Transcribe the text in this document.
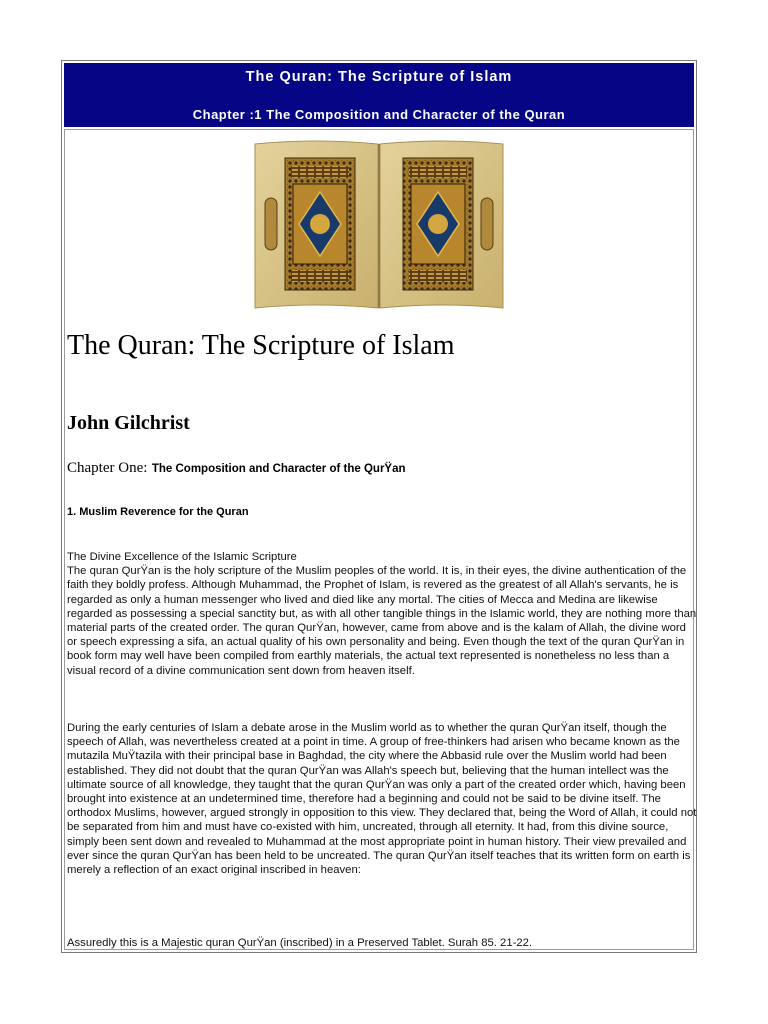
The Quran: The Scripture of Islam
Chapter :1 The Composition and Character of the Quran
The Quran: The Scripture of Islam
John Gilchrist
Chapter One: The Composition and Character of the QurŸan
1. Muslim Reverence for the Quran
The Divine Excellence of the Islamic Scripture
The quran QurŸan is the holy scripture of the Muslim peoples of the world. It is, in their eyes, the divine authentication of the faith they boldly profess. Although Muhammad, the Prophet of Islam, is revered as the greatest of all Allah's servants, he is regarded as only a human messenger who lived and died like any mortal. The cities of Mecca and Medina are likewise regarded as possessing a special sanctity but, as with all other tangible things in the Islamic world, they are nothing more than material parts of the created order. The quran QurŸan, however, came from above and is the kalam of Allah, the divine word or speech expressing a sifa, an actual quality of his own personality and being. Even though the text of the quran QurŸan in book form may well have been compiled from earthly materials, the actual text represented is nonetheless no less than a visual record of a divine communication sent down from heaven itself.
During the early centuries of Islam a debate arose in the Muslim world as to whether the quran QurŸan itself, though the speech of Allah, was nevertheless created at a point in time. A group of free-thinkers had arisen who became known as the mutazila MuŸtazila with their principal base in Baghdad, the city where the Abbasid rule over the Muslim world had been established. They did not doubt that the quran QurŸan was Allah's speech but, believing that the human intellect was the ultimate source of all knowledge, they taught that the quran QurŸan was only a part of the created order which, having been brought into existence at an undetermined time, therefore had a beginning and could not be said to be divine itself. The orthodox Muslims, however, argued strongly in opposition to this view. They declared that, being the Word of Allah, it could not be separated from him and must have co-existed with him, uncreated, through all eternity. It had, from this divine source, simply been sent down and revealed to Muhammad at the most appropriate point in human history. Their view prevailed and ever since the quran QurŸan has been held to be uncreated. The quran QurŸan itself teaches that its written form on earth is merely a reflection of an exact original inscribed in heaven:
Assuredly this is a Majestic quran QurŸan (inscribed) in a Preserved Tablet. Surah 85. 21-22.
